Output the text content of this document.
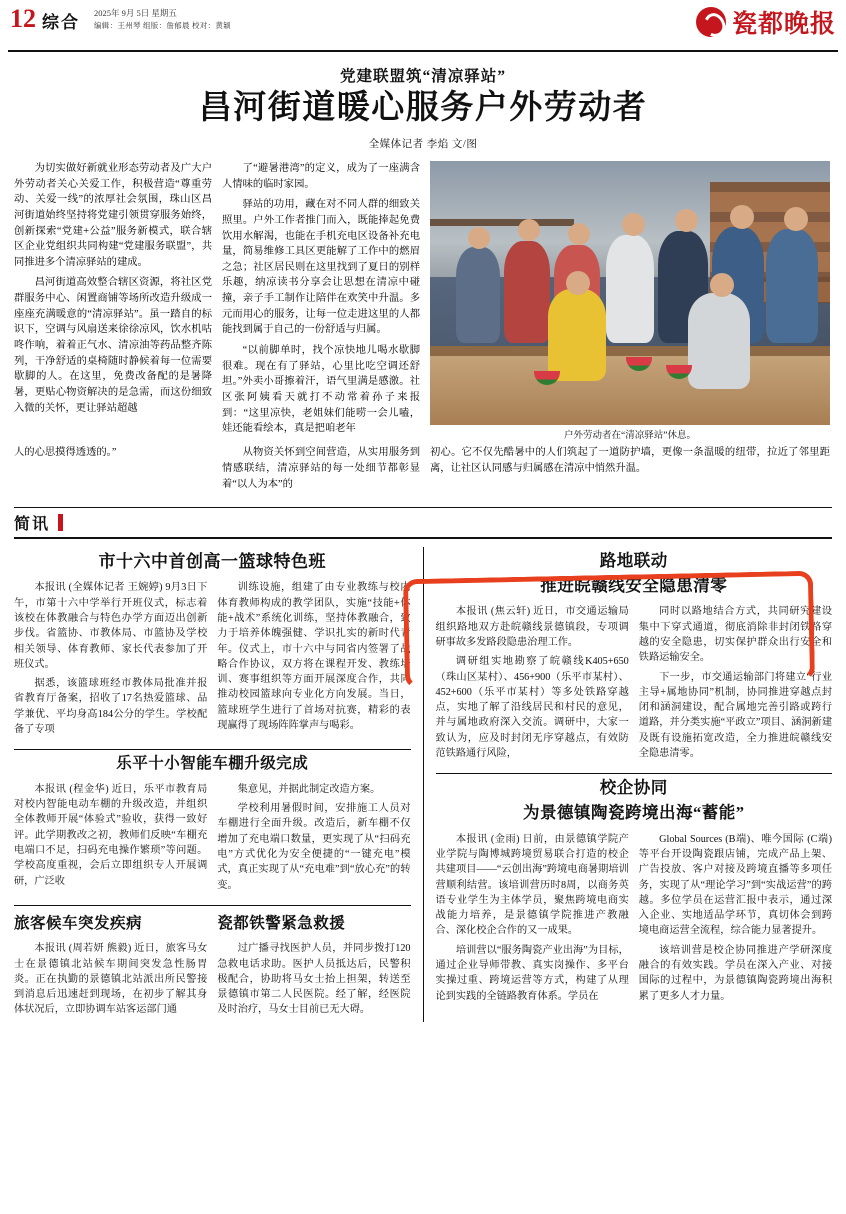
12 综合 2025年 9月 5日 星期五
编辑：王州琴 组版：詹郁晨 校对：黄颖	瓷都晚报
党建联盟筑“清凉驿站”
昌河街道暖心服务户外劳动者
全媒体记者 李焰 文/图

为切实做好新就业形态劳动者及广大户外劳动者关心关爱工作，积极营造“尊重劳动、关爱一线”的浓厚社会氛围，珠山区昌河街道始终坚持将党建引领贯穿服务始终，创新探索“党建+公益”服务新模式，联合辖区企业党组织共同构建“党建服务联盟”，共同推进多个清凉驿站的建成。

昌河街道高效整合辖区资源，将社区党群服务中心、闲置商铺等场所改造升级成一座座充满暖意的“清凉驿站”。虽一踏自的标识下，空调与风扇送来徐徐凉风，饮水机咕咚作响，着着正气水、清凉油等药品整齐陈列，干净舒适的桌椅随时静候着每一位需要歇脚的人。在这里，免费改备配的是暑降暑，更贴心物资解决的是急需，而这份细致入微的关怀，更让驿站超越

了“避暑港湾”的定义，成为了一座满含人情味的临时家园。

驿站的功用，藏在对不同人群的细致关照里。户外工作者推门而入，既能捧起免费饮用水解渴，也能在手机充电区设备补充电量，简易维修工具区更能解了工作中的燃眉之急；社区居民则在这里找到了夏日的别样乐趣，纳凉读书分享会让思想在清凉中碰撞，亲子手工制作让陪伴在欢笑中升温。多元而用心的服务，让每一位走进这里的人都能找到属于自己的一份舒适与归属。

“以前脚单时，找个凉快地儿喝水歇脚很难。现在有了驿站，心里比吃空调还舒坦。”外卖小哥擦着汗，语气里满是感激。社区张阿姨看天就打不动常着孙子来报到：“这里凉快，老姐妹们能唠一会儿嗑，娃还能看绘本，真是把咱老年

户外劳动者在“清凉驿站”休息。

人的心思摸得透透的。”	从物资关怀到空间营造，从实用服务到情感联结，清凉驿站的每一处细节都彰显着“以人为本”的

初心。它不仅先酷暑中的人们筑起了一道防护墙，更像一条温暖的纽带，拉近了邻里距离，让社区认同感与归属感在清凉中悄然升温。

简讯
市十六中首创高一篮球特色班

本报讯 (全媒体记者 王婉婷) 9月3日下午，市第十六中学举行开班仪式，标志着该校在体教融合与特色办学方面迈出创新步伐。省篮协、市教体局、市篮协及学校相关领导、体育教师、家长代表参加了开班仪式。

据悉，该篮球班经市教体局批准并报省教育厅备案，招收了17名热爱篮球、品学兼优、平均身高184公分的学生。学校配备了专项

训练设施，组建了由专业教练与校内体育教师构成的教学团队，实施“技能+体能+战术”系统化训练，坚持体教融合，致力于培养体魄强健、学识扎实的新时代青年。仪式上，市十六中与同省内签署了战略合作协议，双方将在课程开发、教练培训、赛事组织等方面开展深度合作，共同推动校园篮球向专业化方向发展。当日，篮球班学生进行了首场对抗赛，精彩的表现赢得了现场阵阵掌声与喝彩。

乐平十小智能车棚升级完成

本报讯 (程金华) 近日，乐平市教育局对校内智能电动车棚的升级改造，并组织全体教师开展“体验式”验收，获得一致好评。此学期教改之初，教师们反映“车棚充电端口不足，扫码充电操作繁琐”等问题。学校高度重视，会后立即组织专人开展调研，广泛收

集意见，并据此制定改造方案。

学校利用暑假时间，安排施工人员对车棚进行全面升级。改造后，新车棚不仅增加了充电端口数量，更实现了从“扫码充电”方式优化为安全便捷的“一键充电”模式，真正实现了从“充电难”到“放心充”的转变。

旅客候车突发疾病

本报讯 (周若妍 熊毅) 近日，旅客马女士在景德镇北站候车期间突发急性肠胃炎。正在执勤的景德镇北站派出所民警接到消息后迅速赶到现场，在初步了解其身体状况后，立即协调车站客运部门通

瓷都铁警紧急救援

过广播寻找医护人员，并同步拨打120急救电话求助。医护人员抵达后，民警积极配合，协助将马女士抬上担架，转送至景德镇市第二人民医院。经了解，经医院及时治疗，马女士目前已无大碍。

路地联动
推进皖赣线安全隐患清零

本报讯 (焦云轩) 近日，市交通运输局组织路地双方赴皖赣线景德镇段，专项调研事故多发路段隐患治理工作。

调研组实地勘察了皖赣线K405+650（珠山区某村）、456+900（乐平市某村）、452+600（乐平市某村）等多处铁路穿越点，实地了解了沿线居民和村民的意见，并与属地政府深入交流。调研中，大家一致认为，应及时封闭无序穿越点，有效防范铁路通行风险，

同时以路地结合方式，共同研究建设集中下穿式通道，彻底消除非封闭铁路穿越的安全隐患，切实保护群众出行安全和铁路运输安全。

下一步，市交通运输部门将建立“行业主导+属地协同”机制，协同推进穿越点封闭和涵洞建设，配合属地完善引路或跨行道路，并分类实施“平政立”项目、涵洞新建及既有设施拓宽改造，全力推进皖赣线安全隐患清零。

校企协同
为景德镇陶瓷跨境出海“蓄能”

本报讯 (金雨) 日前，由景德镇学院产业学院与陶博城跨境贸易联合打造的校企共建项目——“云创出海”跨境电商暑期培训营顺利结营。该培训营历时8周，以商务英语专业学生为主体学员，聚焦跨境电商实战能力培养，是景德镇学院推进产教融合、深化校企合作的又一成果。

培训营以“服务陶瓷产业出海”为目标，通过企业导师带教、真实岗操作、多平台实操过重、跨境运营等方式，构建了从理论到实践的全链路教育体系。学员在

Global Sources (B端)、唯今国际 (C端) 等平台开设陶瓷跟店铺，完成产品上架、广告投放、客户对接及跨境直播等多项任务，实现了从“理论学习”到“实战运营”的跨越。多位学员在运营汇报中表示，通过深入企业、实地适品学环节，真切体会到跨境电商运营全流程，综合能力显著提升。

该培训营是校企协同推进产学研深度融合的有效实践。学员在深入产业、对接国际的过程中，为景德镇陶瓷跨境出海积累了更多人才力量。
